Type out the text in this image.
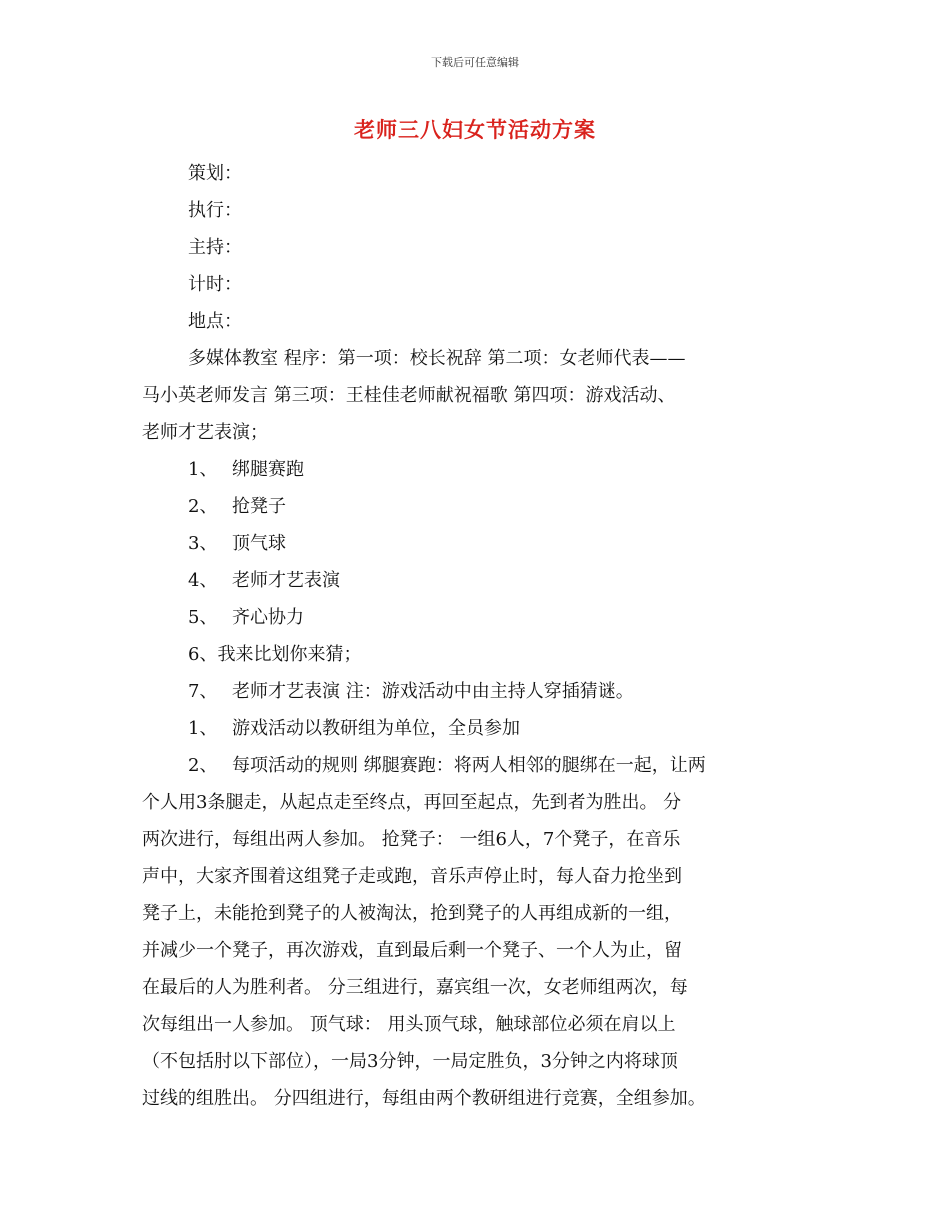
下载后可任意编辑
老师三八妇女节活动方案
策划：
执行：
主持：
计时：
地点：
多媒体教室 程序：第一项：校长祝辞 第二项：女老师代表——
马小英老师发言 第三项：王桂佳老师献祝福歌 第四项：游戏活动、
老师才艺表演；
1、 绑腿赛跑
2、 抢凳子
3、 顶气球
4、 老师才艺表演
5、 齐心协力
6、我来比划你来猜；
7、 老师才艺表演 注：游戏活动中由主持人穿插猜谜。
1、 游戏活动以教研组为单位，全员参加
2、 每项活动的规则 绑腿赛跑：将两人相邻的腿绑在一起，让两
个人用3条腿走，从起点走至终点，再回至起点，先到者为胜出。 分
两次进行，每组出两人参加。 抢凳子： 一组6人，7个凳子，在音乐
声中，大家齐围着这组凳子走或跑，音乐声停止时，每人奋力抢坐到
凳子上，未能抢到凳子的人被淘汰，抢到凳子的人再组成新的一组，
并减少一个凳子，再次游戏，直到最后剩一个凳子、一个人为止，留
在最后的人为胜利者。 分三组进行，嘉宾组一次，女老师组两次，每
次每组出一人参加。 顶气球： 用头顶气球，触球部位必须在肩以上
（不包括肘以下部位），一局3分钟，一局定胜负，3分钟之内将球顶
过线的组胜出。 分四组进行，每组由两个教研组进行竞赛，全组参加。
